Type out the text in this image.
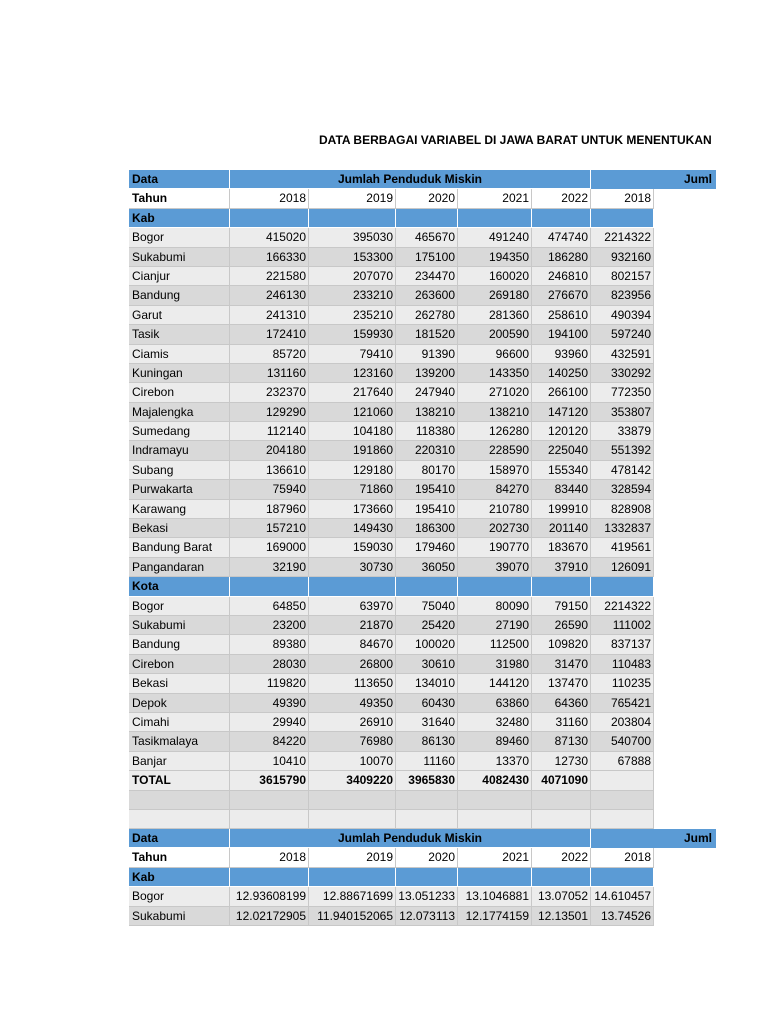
DATA BERBAGAI VARIABEL DI JAWA BARAT UNTUK MENENTUKAN
Data	Jumlah Penduduk Miskin	Juml
Tahun	2018	2019	2020	2021	2022	2018
Kab
Bogor	415020	395030	465670	491240	474740	2214322
Sukabumi	166330	153300	175100	194350	186280	932160
Cianjur	221580	207070	234470	160020	246810	802157
Bandung	246130	233210	263600	269180	276670	823956
Garut	241310	235210	262780	281360	258610	490394
Tasik	172410	159930	181520	200590	194100	597240
Ciamis	85720	79410	91390	96600	93960	432591
Kuningan	131160	123160	139200	143350	140250	330292
Cirebon	232370	217640	247940	271020	266100	772350
Majalengka	129290	121060	138210	138210	147120	353807
Sumedang	112140	104180	118380	126280	120120	33879
Indramayu	204180	191860	220310	228590	225040	551392
Subang	136610	129180	80170	158970	155340	478142
Purwakarta	75940	71860	195410	84270	83440	328594
Karawang	187960	173660	195410	210780	199910	828908
Bekasi	157210	149430	186300	202730	201140	1332837
Bandung Barat	169000	159030	179460	190770	183670	419561
Pangandaran	32190	30730	36050	39070	37910	126091
Kota
Bogor	64850	63970	75040	80090	79150	2214322
Sukabumi	23200	21870	25420	27190	26590	111002
Bandung	89380	84670	100020	112500	109820	837137
Cirebon	28030	26800	30610	31980	31470	110483
Bekasi	119820	113650	134010	144120	137470	110235
Depok	49390	49350	60430	63860	64360	765421
Cimahi	29940	26910	31640	32480	31160	203804
Tasikmalaya	84220	76980	86130	89460	87130	540700
Banjar	10410	10070	11160	13370	12730	67888
TOTAL	3615790	3409220	3965830	4082430	4071090
Data	Jumlah Penduduk Miskin	Juml
Tahun	2018	2019	2020	2021	2022	2018
Kab
Bogor	12.93608199	12.88671699 13.051233 13.1046881 13.07052 14.610457
Sukabumi	12.02172905 11.940152065 12.073113 12.1774159 12.13501	13.74526
